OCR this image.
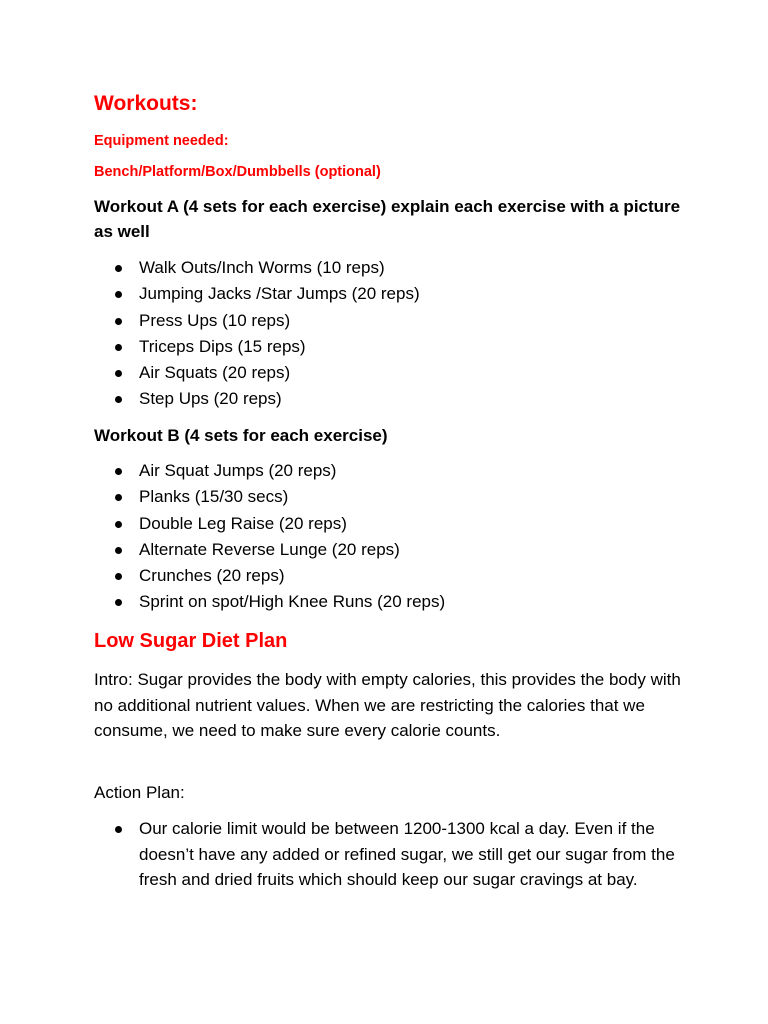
Workouts:
Equipment needed:
Bench/Platform/Box/Dumbbells (optional)
Workout A (4 sets for each exercise) explain each exercise with a picture as well
Walk Outs/Inch Worms (10 reps)
Jumping Jacks /Star Jumps (20 reps)
Press Ups (10 reps)
Triceps Dips (15 reps)
Air Squats (20 reps)
Step Ups (20 reps)
Workout B (4 sets for each exercise)
Air Squat Jumps (20 reps)
Planks (15/30 secs)
Double Leg Raise (20 reps)
Alternate Reverse Lunge (20 reps)
Crunches (20 reps)
Sprint on spot/High Knee Runs (20 reps)
Low Sugar Diet Plan
Intro: Sugar provides the body with empty calories, this provides the body with no additional nutrient values. When we are restricting the calories that we consume, we need to make sure every calorie counts.
Action Plan:
Our calorie limit would be between 1200-1300 kcal a day. Even if the doesn’t have any added or refined sugar, we still get our sugar from the fresh and dried fruits which should keep our sugar cravings at bay.
